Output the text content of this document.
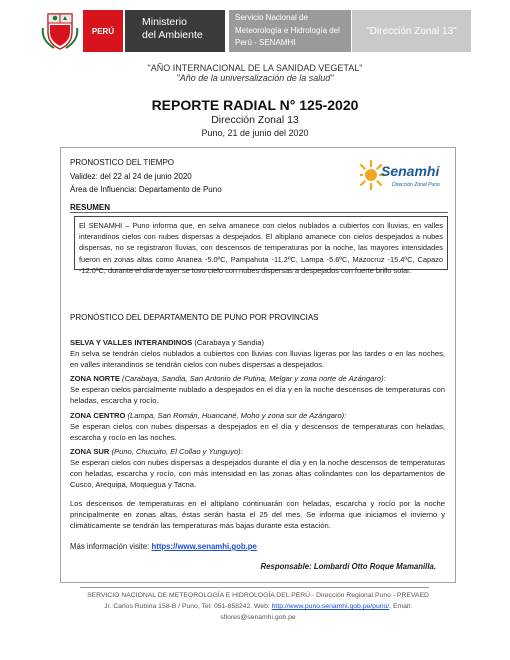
PERÚ
Ministerio
del Ambiente
Servicio Nacional de
Meteorología e Hidrología del
Perú - SENAMHI
"Dirección Zonal 13"
"AÑO INTERNACIONAL DE LA SANIDAD VEGETAL"
"Año de la universalización de la salud"
REPORTE RADIAL N° 125-2020
Dirección Zonal 13
Puno, 21 de junio del 2020
PRONOSTICO DEL TIEMPO
Validez: del 22 al 24 de junio 2020
Área de Influencia: Departamento de Puno
Senamhi
Dirección Zonal Puno
RESUMEN
El SENAMHI – Puno informa que, en selva amanece con cielos nublados a cubiertos con lluvias, en valles interandinos cielos con nubes dispersas a despejados. El altiplano amanece con cielos despejados a nubes dispersas, no se registraron lluvias, con descensos de temperaturas por la noche, las mayores intensidades fueron en zonas altas como Ananea -5.0ºC, Pampahuta -11.2ºC, Lampa -5.6ºC, Mazocruz -15.4ºC, Capazo -12.0ºC, durante el día de ayer se tuvo cielo con nubes dispersas a despejados con fuerte brillo solar.
PRONÓSTICO DEL DEPARTAMENTO DE PUNO POR PROVINCIAS
SELVA Y VALLES INTERANDINOS (Carabaya y Sandia)
En selva se tendrán cielos nublados a cubiertos con lluvias con lluvias ligeras por las tardes o en las noches, en valles interandinos se tendrán cielos con nubes dispersas a despejados.
ZONA NORTE (Carabaya, Sandia, San Antonio de Putina, Melgar y zona norte de Azángaro):
Se esperan cielos parcialmente nublado a despejados en el día y en la noche descensos de temperaturas con heladas, escarcha y rocío.
ZONA CENTRO (Lampa, San Román, Huancané, Moho y zona sur de Azángaro):
Se esperan cielos con nubes dispersas a despejados en el día y descensos de temperaturas con heladas, escarcha y rocío en las noches.
ZONA SUR (Puno, Chucuito, El Collao y Yunguyo):
Se esperan cielos con nubes dispersas a despejados durante el día y en la noche descensos de temperaturas con heladas, escarcha y rocío, con más intensidad en las zonas altas colindantes con los departamentos de Cusco, Arequipa, Moquegua y Tacna.
Los descensos de temperaturas en el altiplano continuarán con heladas, escarcha y rocío por la noche principalmente en zonas altas, éstas serán hasta el 25 del mes. Se informa que iniciamos el invierno y climáticamente se tendrán las temperaturas más bajas durante esta estación.
Más información visite: https://www.senamhi.gob.pe
Responsable: Lombardi Otto Roque Mamanilla.
SERVICIO NACIONAL DE METEOROLOGÍA E HIDROLOGÍA DEL PERÚ - Dirección Regional Puno - PREVAED
Jr. Carlos Rubina 158-B / Puno, Tel: 051-858242. Web: http://www.puno.senamhi.gob.pe/puno/, Email:
sflores@senamhi.gob.pe
